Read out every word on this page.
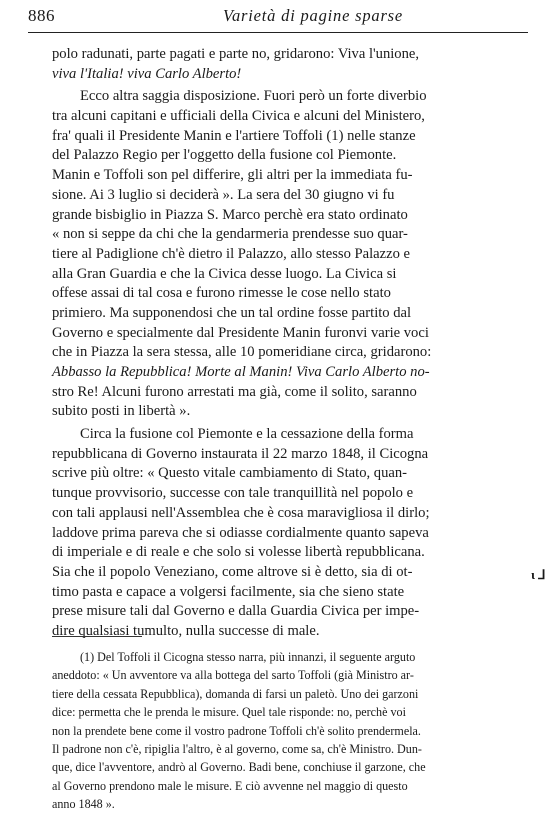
886	Varietà di pagine sparse
polo radunati, parte pagati e parte no, gridarono: Viva l'unione,
viva l'Italia! viva Carlo Alberto!
Ecco altra saggia disposizione. Fuori però un forte diverbio
tra alcuni capitani e ufficiali della Civica e alcuni del Ministero,
fra' quali il Presidente Manin e l'artiere Toffoli (1) nelle stanze
del Palazzo Regio per l'oggetto della fusione col Piemonte.
Manin e Toffoli son pel differire, gli altri per la immediata fu-
sione. Ai 3 luglio si deciderà ». La sera del 30 giugno vi fu
grande bisbiglio in Piazza S. Marco perchè era stato ordinato
« non si seppe da chi che la gendarmeria prendesse suo quar-
tiere al Padiglione ch'è dietro il Palazzo, allo stesso Palazzo e
alla Gran Guardia e che la Civica desse luogo. La Civica si
offese assai di tal cosa e furono rimesse le cose nello stato
primiero. Ma supponendosi che un tal ordine fosse partito dal
Governo e specialmente dal Presidente Manin furonvi varie voci
che in Piazza la sera stessa, alle 10 pomeridiane circa, gridarono:
Abbasso la Repubblica! Morte al Manin! Viva Carlo Alberto no-
stro Re! Alcuni furono arrestati ma già, come il solito, saranno
subito posti in libertà ».
Circa la fusione col Piemonte e la cessazione della forma
repubblicana di Governo instaurata il 22 marzo 1848, il Cicogna
scrive più oltre: « Questo vitale cambiamento di Stato, quan-
tunque provvisorio, successe con tale tranquillità nel popolo e
con tali applausi nell'Assemblea che è cosa maravigliosa il dirlo;
laddove prima pareva che si odiasse cordialmente quanto sapeva
di imperiale e di reale e che solo si volesse libertà repubblicana.
Sia che il popolo Veneziano, come altrove si è detto, sia di ot-
timo pasta e capace a volgersi facilmente, sia che sieno state
prese misure tali dal Governo e dalla Guardia Civica per impe-
dire qualsiasi tumulto, nulla successe di male.
(1) Del Toffoli il Cicogna stesso narra, più innanzi, il seguente arguto
aneddoto: « Un avventore va alla bottega del sarto Toffoli (già Ministro ar-
tiere della cessata Repubblica), domanda di farsi un paletò. Uno dei garzoni
dice: permetta che le prenda le misure. Quel tale risponde: no, perchè voi
non la prendete bene come il vostro padrone Toffoli ch'è solito prendermela.
Il padrone non c'è, ripiglia l'altro, è al governo, come sa, ch'è Ministro. Dun-
que, dice l'avventore, andrò al Governo. Badi bene, conchiuse il garzone, che
al Governo prendono male le misure. E ciò avvenne nel maggio di questo
anno 1848 ».
ι ⅃
